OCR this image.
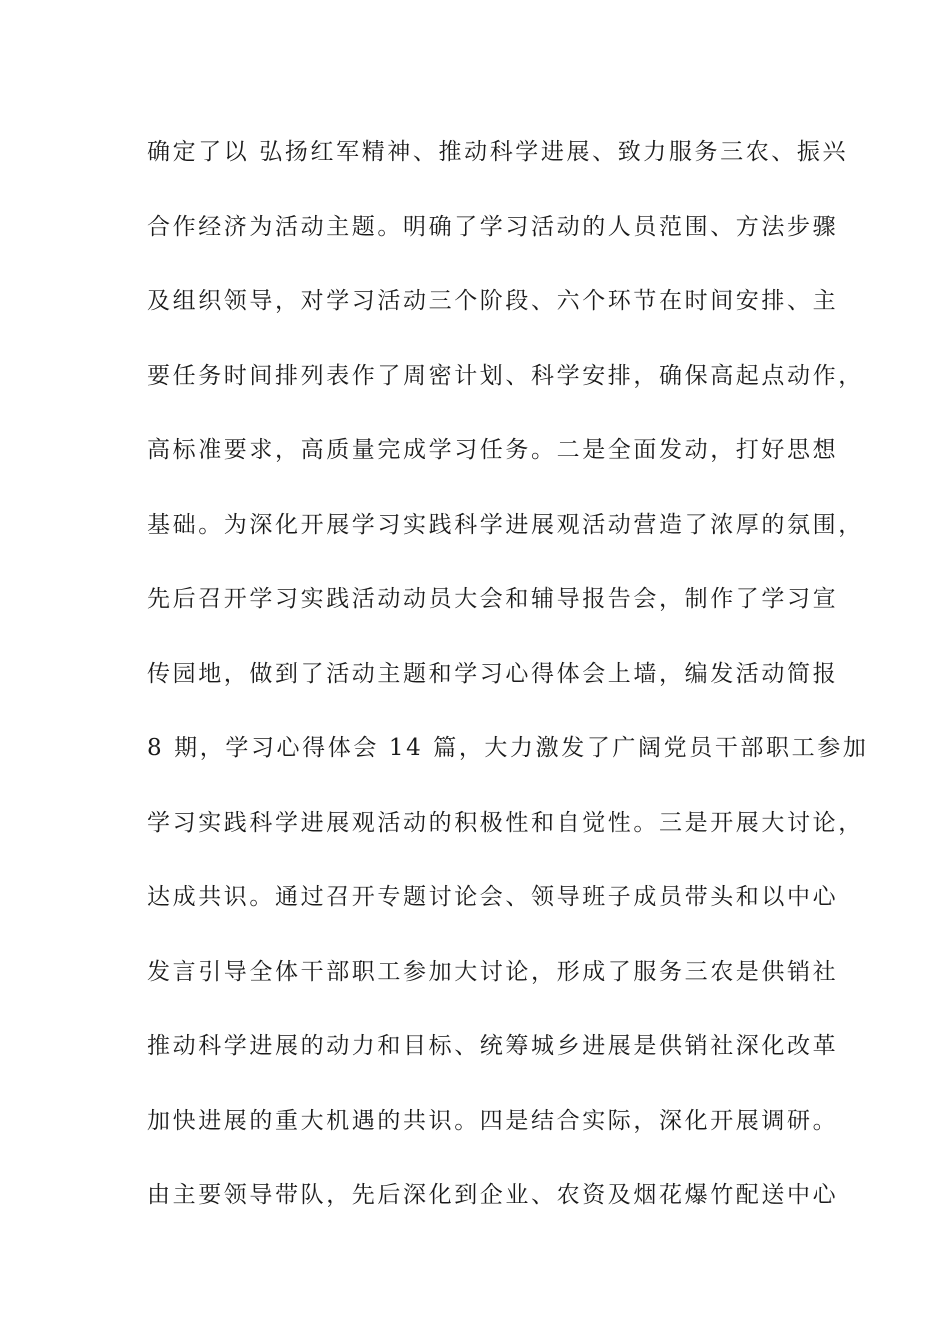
确定了以 弘扬红军精神、推动科学进展、致力服务三农、振兴
合作经济为活动主题。明确了学习活动的人员范围、方法步骤
及组织领导，对学习活动三个阶段、六个环节在时间安排、主
要任务时间排列表作了周密计划、科学安排，确保高起点动作，
高标准要求，高质量完成学习任务。二是全面发动，打好思想
基础。为深化开展学习实践科学进展观活动营造了浓厚的氛围，
先后召开学习实践活动动员大会和辅导报告会，制作了学习宣
传园地，做到了活动主题和学习心得体会上墙，编发活动简报
8 期，学习心得体会 14 篇，大力激发了广阔党员干部职工参加
学习实践科学进展观活动的积极性和自觉性。三是开展大讨论，
达成共识。通过召开专题讨论会、领导班子成员带头和以中心
发言引导全体干部职工参加大讨论，形成了服务三农是供销社
推动科学进展的动力和目标、统筹城乡进展是供销社深化改革
加快进展的重大机遇的共识。四是结合实际，深化开展调研。
由主要领导带队，先后深化到企业、农资及烟花爆竹配送中心
